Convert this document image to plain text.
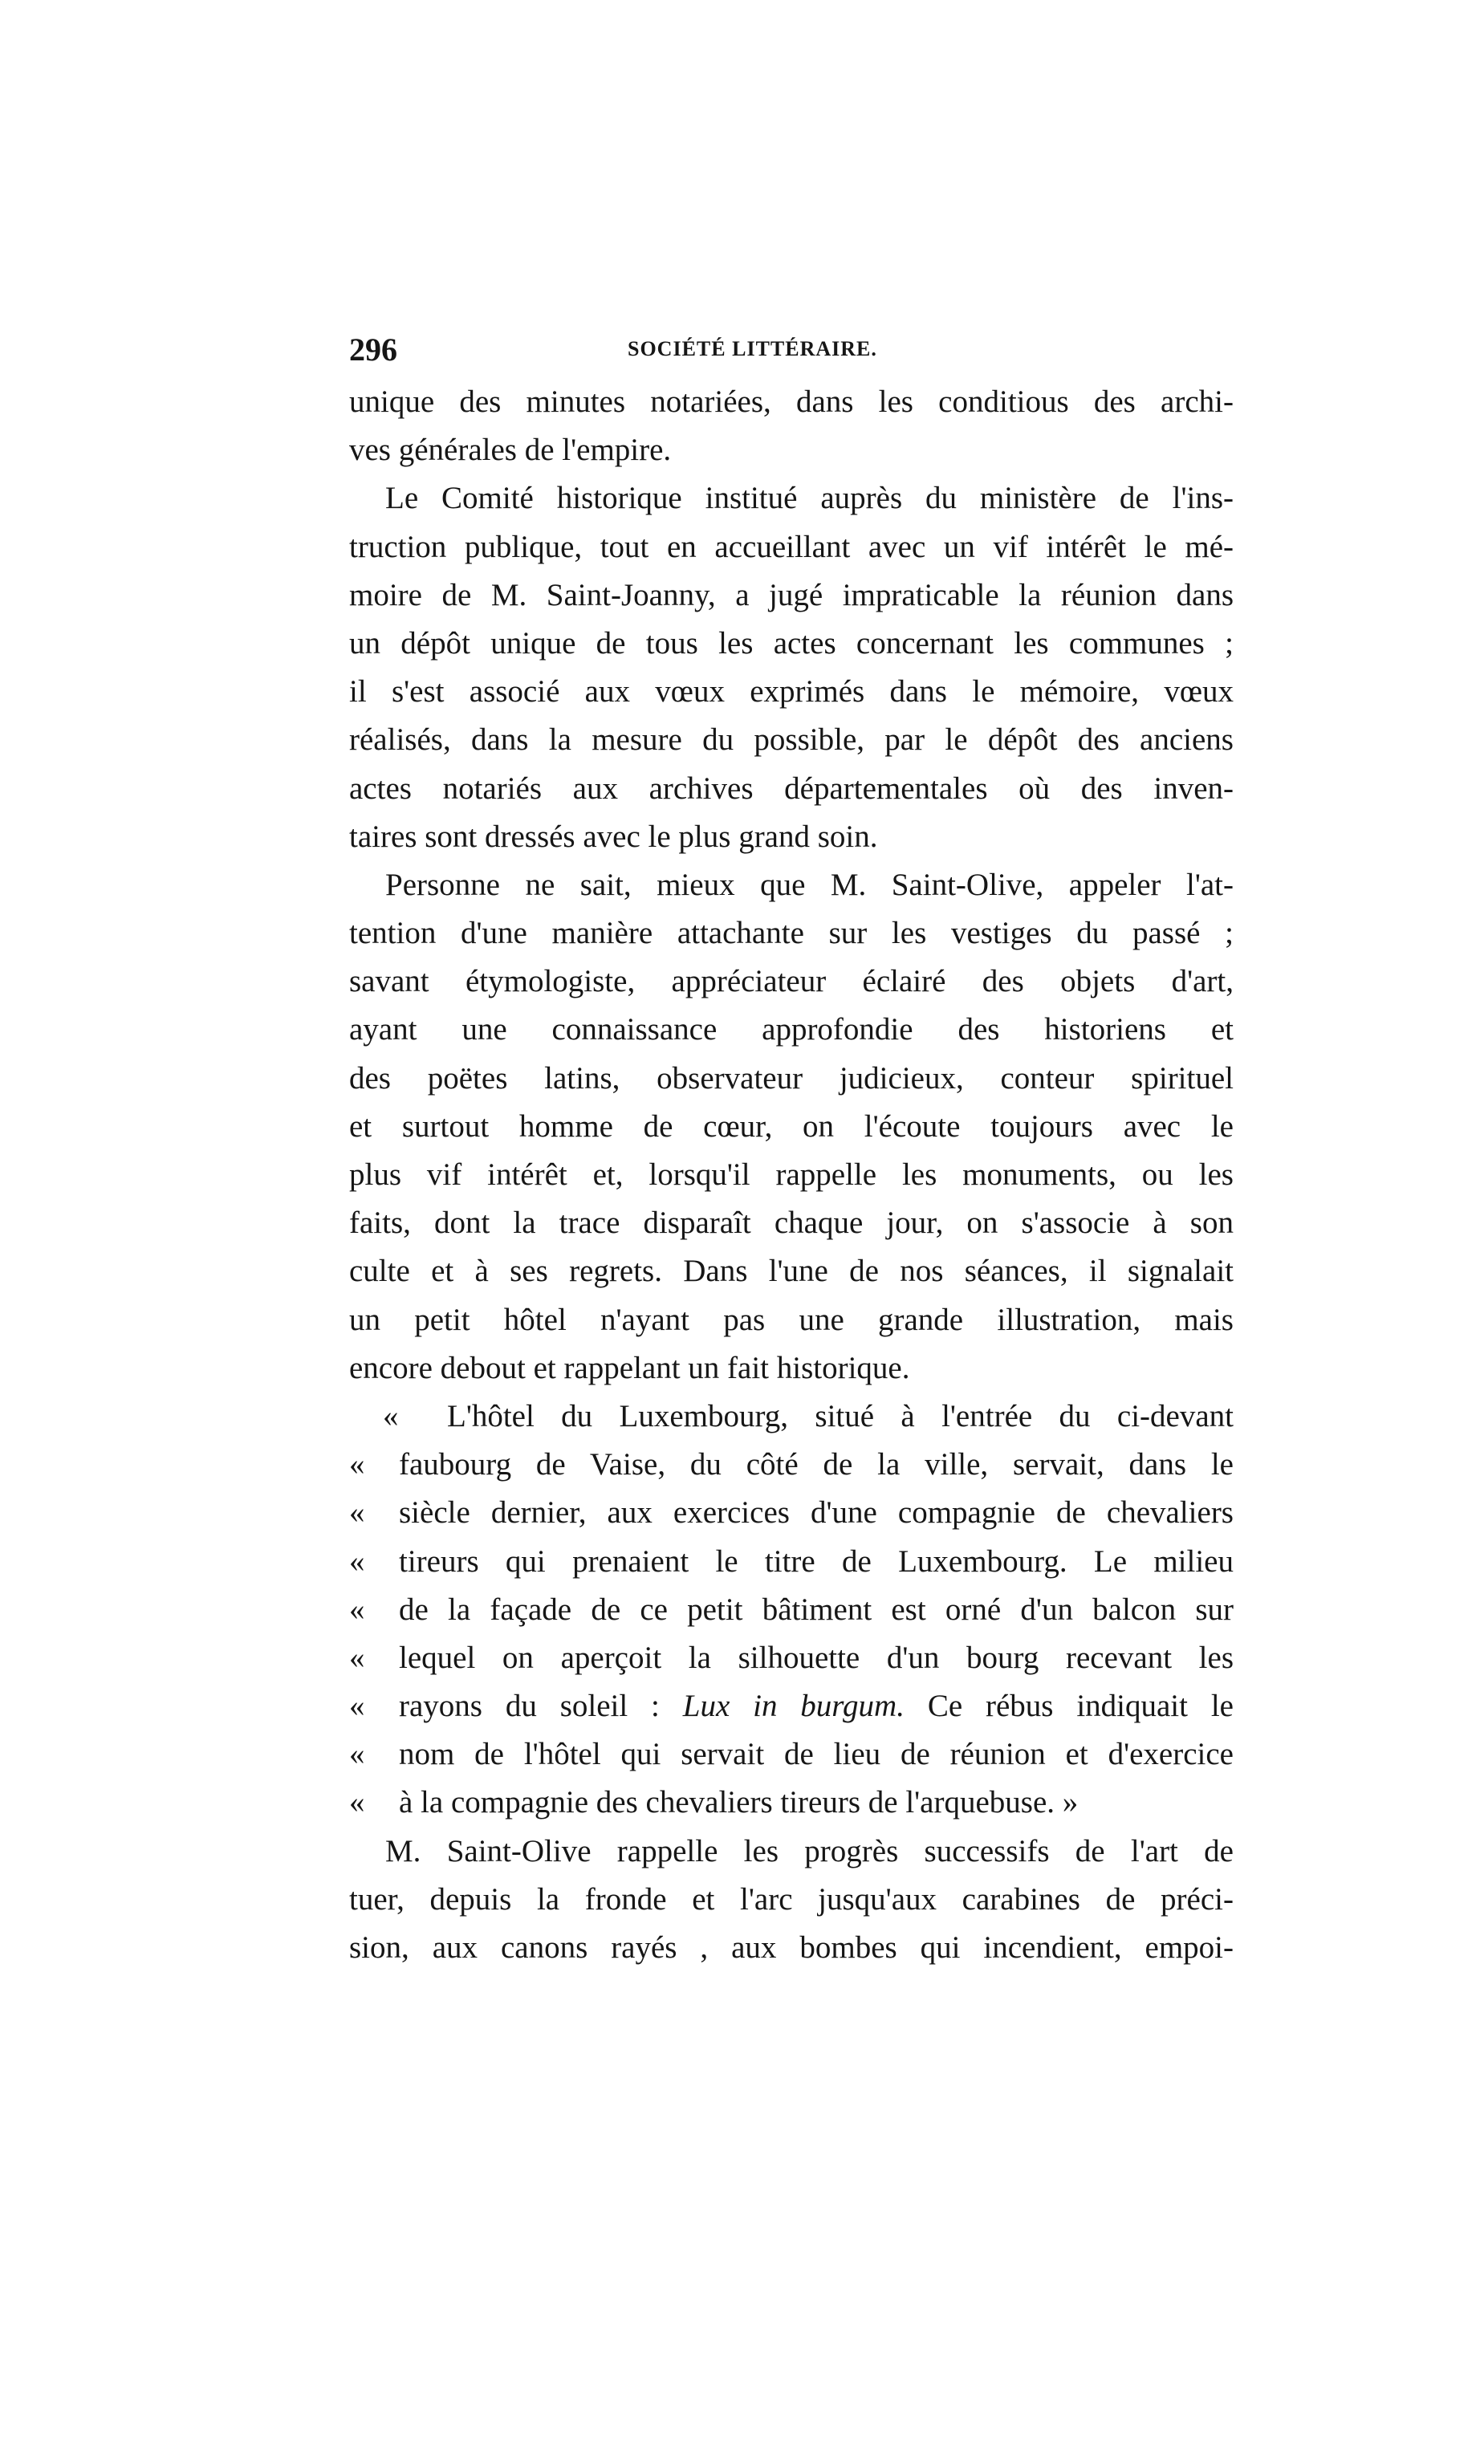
296	SOCIÉTÉ LITTÉRAIRE.
unique des minutes notariées, dans les conditious des archi-
ves générales de l'empire.
Le Comité historique institué auprès du ministère de l'ins-
truction publique, tout en accueillant avec un vif intérêt le mé-
moire de M. Saint-Joanny, a jugé impraticable la réunion dans
un dépôt unique de tous les actes concernant les communes ;
il s'est associé aux vœux exprimés dans le mémoire, vœux
réalisés, dans la mesure du possible, par le dépôt des anciens
actes notariés aux archives départementales où des inven-
taires sont dressés avec le plus grand soin.
Personne ne sait, mieux que M. Saint-Olive, appeler l'at-
tention d'une manière attachante sur les vestiges du passé ;
savant étymologiste, appréciateur éclairé des objets d'art,
ayant une connaissance approfondie des historiens et
des poëtes latins, observateur judicieux, conteur spirituel
et surtout homme de cœur, on l'écoute toujours avec le
plus vif intérêt et, lorsqu'il rappelle les monuments, ou les
faits, dont la trace disparaît chaque jour, on s'associe à son
culte et à ses regrets. Dans l'une de nos séances, il signalait
un petit hôtel n'ayant pas une grande illustration, mais
encore debout et rappelant un fait historique.
«	L'hôtel du Luxembourg, situé à l'entrée du ci-devant
«	faubourg de Vaise, du côté de la ville, servait, dans le
«	siècle dernier, aux exercices d'une compagnie de chevaliers
«	tireurs qui prenaient le titre de Luxembourg. Le milieu
«	de la façade de ce petit bâtiment est orné d'un balcon sur
«	lequel on aperçoit la silhouette d'un bourg recevant les
«	rayons du soleil : Lux in burgum. Ce rébus indiquait le
«	nom de l'hôtel qui servait de lieu de réunion et d'exercice
«	à la compagnie des chevaliers tireurs de l'arquebuse. »
M. Saint-Olive rappelle les progrès successifs de l'art de
tuer, depuis la fronde et l'arc jusqu'aux carabines de préci-
sion, aux canons rayés , aux bombes qui incendient, empoi-
